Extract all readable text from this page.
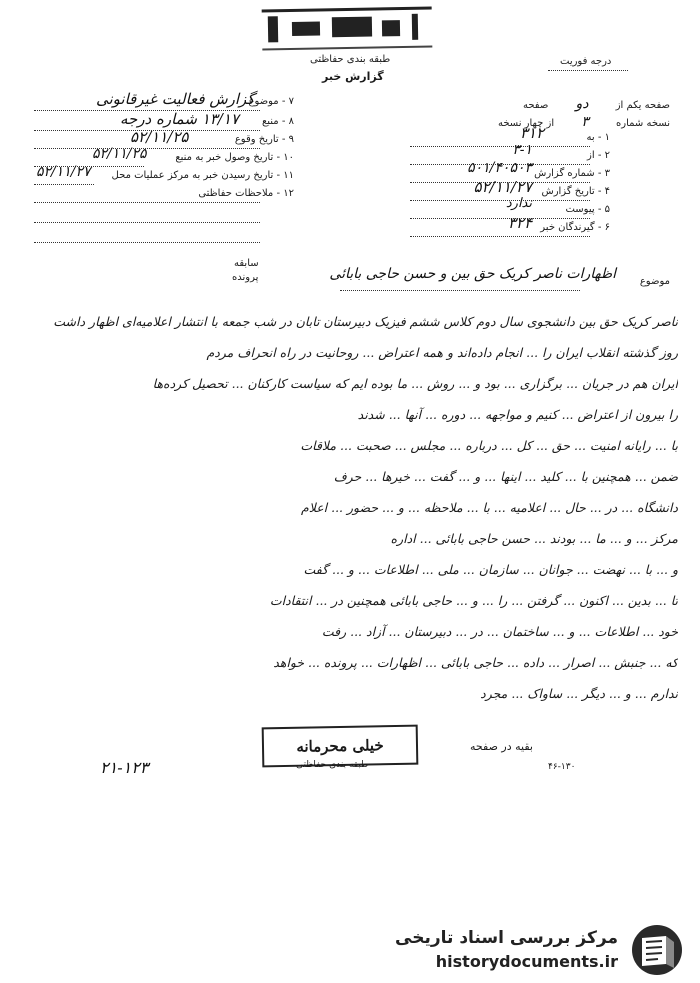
درجه فوریت
طبقه بندی حفاظتی
گزارش خبر
۷ - موضوع
گزارش فعالیت غیرقانونی
۸ - منبع
۱۳/۱۷ شماره درجه
۹ - تاریخ وقوع
۵۲/۱۱/۲۵
۱۰ - تاریخ وصول خبر به منبع
۵۲/۱۱/۲۵
۱۱ - تاریخ رسیدن خبر به مرکز عملیات محل
۵۲/۱۱/۲۷
۱۲ - ملاحظات حفاظتی
صفحه یکم از دو صفحه
نسخه شماره ۳ از چهار نسخه
۱ - به
۳۱۲
۲ - از
۳-۱
۳ - شماره گزارش
۵۰۱/۴۰۵۰۳
۴ - تاریخ گزارش
۵۲/۱۱/۲۷
۵ - پیوست
ندارد
۶ - گیرندگان خبر
۳۲۴
سابقه
پرونده	موضوع
اظهارات ناصر کریک حق بین و حسن حاجی بابائی
ناصر کریک حق بین دانشجوی سال دوم کلاس ششم فیزیک دبیرستان تابان در شب جمعه با انتشار اعلامیه‌ای اظهار داشت
روز گذشته انقلاب ایران را ... انجام داده‌اند و همه اعتراض ... روحانیت در راه انحراف مردم
ایران هم در جریان ... برگزاری ... بود و ... روش ... ما بوده ایم که سیاست کارکنان ... تحصیل کرده‌ها
را بیرون از اعتراض ... کنیم و مواجهه ... دوره ... آنها ... شدند
با ... رایانه امنیت ... حق ... کل ... درباره ... مجلس ... صحبت ... ملاقات
ضمن ... همچنین با ... کلید ... اینها ... و ... گفت ... خیرها ... حرف
دانشگاه ... در ... حال ... اعلامیه ... با ... ملاحظه ... و ... حضور ... اعلام
مرکز ... و ... ما ... بودند ... حسن حاجی بابائی ... اداره
و ... با ... نهضت ... جوانان ... سازمان ... ملی ... اطلاعات ... و ... گفت
تا ... بدین ... اکنون ... گرفتن ... را ... و ... حاجی بابائی همچنین در ... انتقادات
خود ... اطلاعات ... و ... ساختمان ... در ... دبیرستان ... آزاد ... رفت
که ... جنبش ... اصرار ... داده ... حاجی بابائی ... اظهارات ... پرونده ... خواهد
ندارم ... و ... دیگر ... ساواک ... مجرد
خیلی محرمانه
طبقه بندی حفاظتی
بقیه در صفحه
۲۱-۱۲۳	۴۶-۱۳۰
مرکز بررسی اسناد تاریخی
historydocuments.ir
